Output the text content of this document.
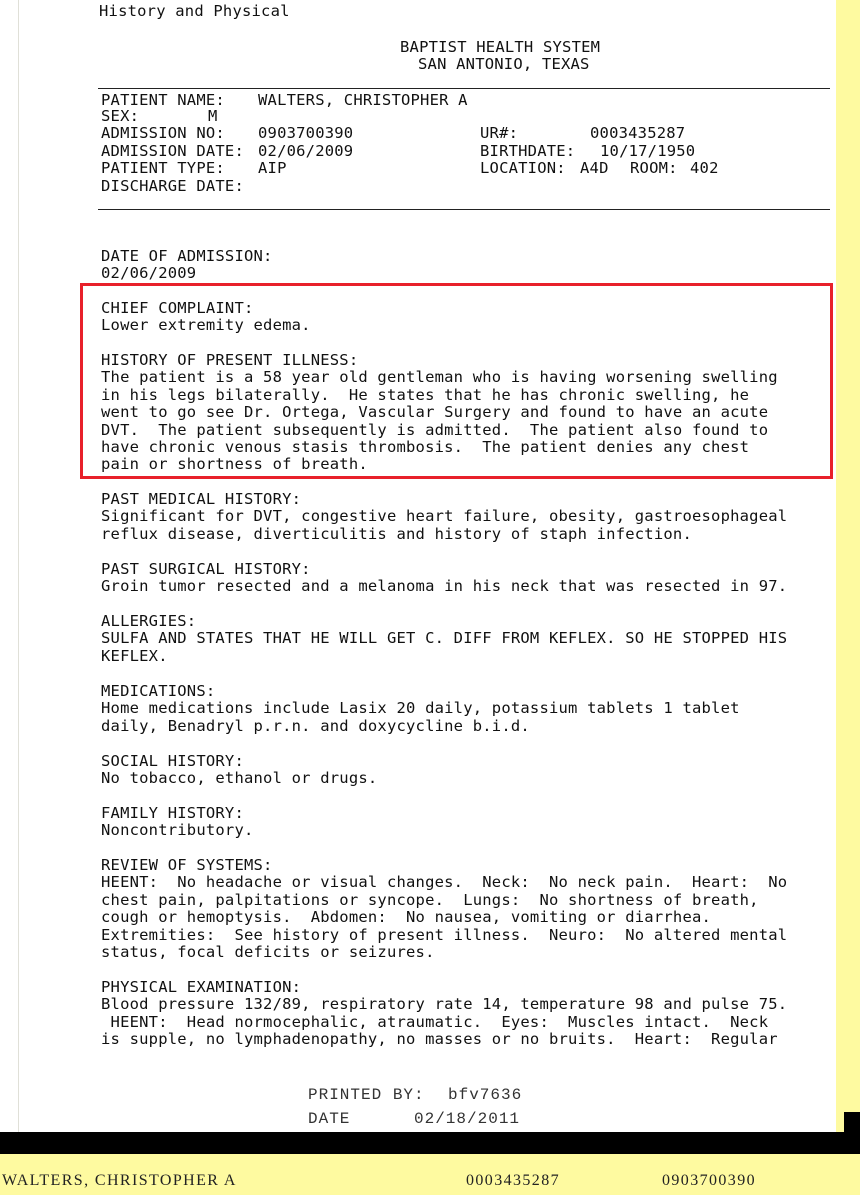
History and Physical
BAPTIST HEALTH SYSTEM
SAN ANTONIO, TEXAS
PATIENT NAME: WALTERS, CHRISTOPHER A
SEX:	M
ADMISSION NO: 0903700390	UR#:	0003435287
ADMISSION DATE: 02/06/2009	BIRTHDATE: 10/17/1950
PATIENT TYPE: AIP	LOCATION: A4D ROOM: 402
DISCHARGE DATE:
DATE OF ADMISSION:
02/06/2009
CHIEF COMPLAINT:
Lower extremity edema.
HISTORY OF PRESENT ILLNESS:
The patient is a 58 year old gentleman who is having worsening swelling
in his legs bilaterally.  He states that he has chronic swelling, he
went to go see Dr. Ortega, Vascular Surgery and found to have an acute
DVT.  The patient subsequently is admitted.  The patient also found to
have chronic venous stasis thrombosis.  The patient denies any chest
pain or shortness of breath.
PAST MEDICAL HISTORY:
Significant for DVT, congestive heart failure, obesity, gastroesophageal
reflux disease, diverticulitis and history of staph infection.
PAST SURGICAL HISTORY:
Groin tumor resected and a melanoma in his neck that was resected in 97.
ALLERGIES:
SULFA AND STATES THAT HE WILL GET C. DIFF FROM KEFLEX. SO HE STOPPED HIS
KEFLEX.
MEDICATIONS:
Home medications include Lasix 20 daily, potassium tablets 1 tablet
daily, Benadryl p.r.n. and doxycycline b.i.d.
SOCIAL HISTORY:
No tobacco, ethanol or drugs.
FAMILY HISTORY:
Noncontributory.
REVIEW OF SYSTEMS:
HEENT:  No headache or visual changes.  Neck:  No neck pain.  Heart:  No
chest pain, palpitations or syncope.  Lungs:  No shortness of breath,
cough or hemoptysis.  Abdomen:  No nausea, vomiting or diarrhea.
Extremities:  See history of present illness.  Neuro:  No altered mental
status, focal deficits or seizures.
PHYSICAL EXAMINATION:
Blood pressure 132/89, respiratory rate 14, temperature 98 and pulse 75.
HEENT:  Head normocephalic, atraumatic.  Eyes:  Muscles intact.  Neck
is supple, no lymphadenopathy, no masses or no bruits.  Heart:  Regular
PRINTED BY: bfv7636
DATE	02/18/2011
WALTERS, CHRISTOPHER A	0003435287	0903700390
